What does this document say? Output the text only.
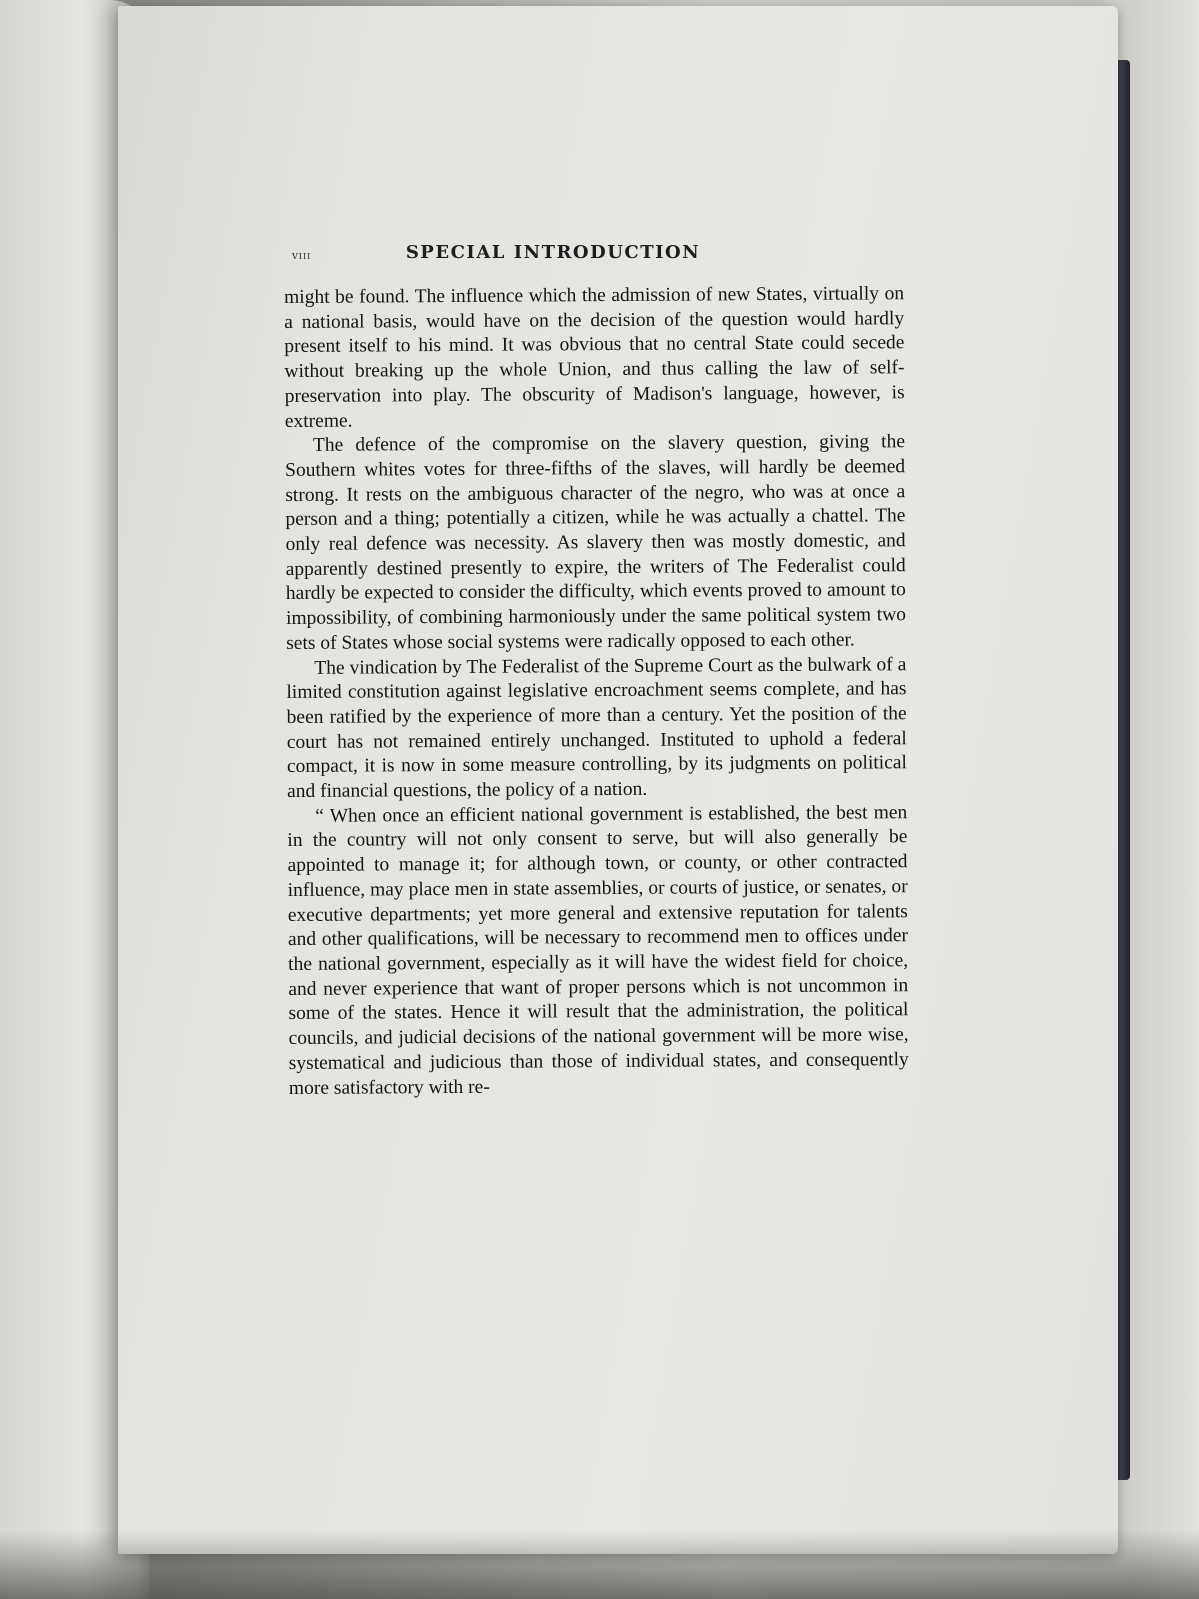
viii	SPECIAL INTRODUCTION

might be found. The influence which the admission of new States, virtually on a national basis, would have on the decision of the question would hardly present itself to his mind. It was obvious that no central State could secede without breaking up the whole Union, and thus calling the law of self-preservation into play. The obscurity of Madison's language, however, is extreme.

The defence of the compromise on the slavery question, giving the Southern whites votes for three-fifths of the slaves, will hardly be deemed strong. It rests on the ambiguous character of the negro, who was at once a person and a thing; potentially a citizen, while he was actually a chattel. The only real defence was necessity. As slavery then was mostly domestic, and apparently destined presently to expire, the writers of The Federalist could hardly be expected to consider the difficulty, which events proved to amount to impossibility, of combining harmoniously under the same political system two sets of States whose social systems were radically opposed to each other.

The vindication by The Federalist of the Supreme Court as the bulwark of a limited constitution against legislative encroachment seems complete, and has been ratified by the experience of more than a century. Yet the position of the court has not remained entirely unchanged. Instituted to uphold a federal compact, it is now in some measure controlling, by its judgments on political and financial questions, the policy of a nation.

“ When once an efficient national government is established, the best men in the country will not only consent to serve, but will also generally be appointed to manage it; for although town, or county, or other contracted influence, may place men in state assemblies, or courts of justice, or senates, or executive departments; yet more general and extensive reputation for talents and other qualifications, will be necessary to recommend men to offices under the national government, especially as it will have the widest field for choice, and never experience that want of proper persons which is not uncommon in some of the states. Hence it will result that the administration, the political councils, and judicial decisions of the national government will be more wise, systematical and judicious than those of individual states, and consequently more satisfactory with re-
